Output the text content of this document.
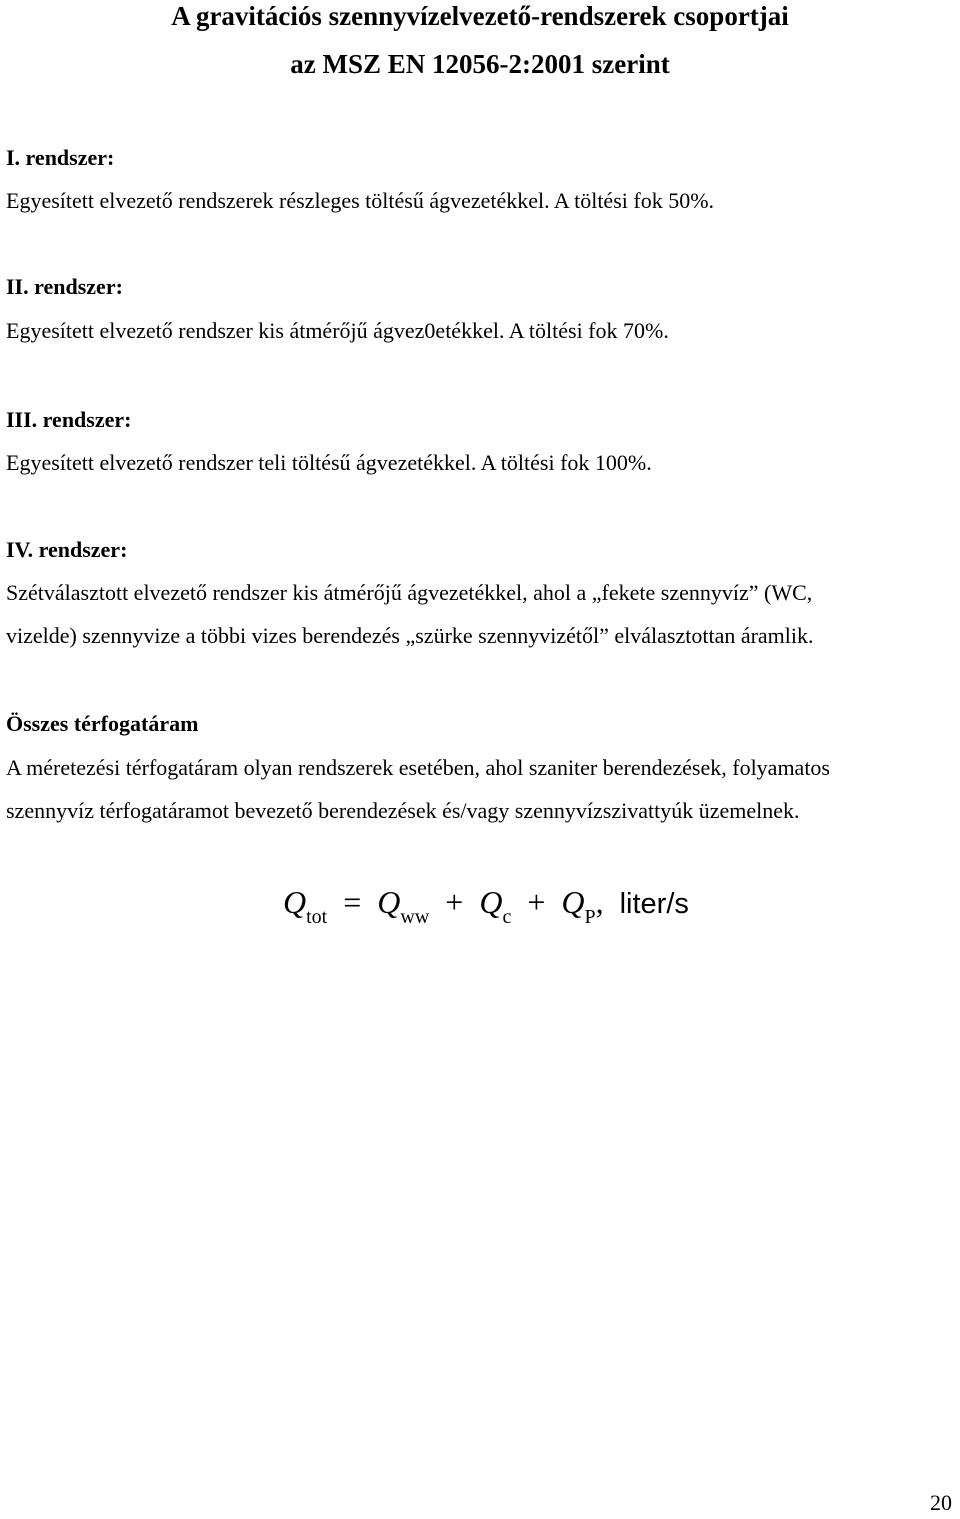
A gravitációs szennyvízelvezető-rendszerek csoportjai
az MSZ EN 12056-2:2001 szerint
I. rendszer:
Egyesített elvezető rendszerek részleges töltésű ágvezetékkel. A töltési fok 50%.
II. rendszer:
Egyesített elvezető rendszer kis átmérőjű ágvez0etékkel. A töltési fok 70%.
III. rendszer:
Egyesített elvezető rendszer teli töltésű ágvezetékkel. A töltési fok 100%.
IV. rendszer:
Szétválasztott elvezető rendszer kis átmérőjű ágvezetékkel, ahol a „fekete szennyvíz” (WC,
vizelde) szennyvize a többi vizes berendezés „szürke szennyvizétől” elválasztottan áramlik.
Összes térfogatáram
A méretezési térfogatáram olyan rendszerek esetében, ahol szaniter berendezések, folyamatos
szennyvíz térfogatáramot bevezető berendezések és/vagy szennyvízszivattyúk üzemelnek.
$Q_{tot} = Q_{ww} + Q_c + Q_P$, liter/s
20
